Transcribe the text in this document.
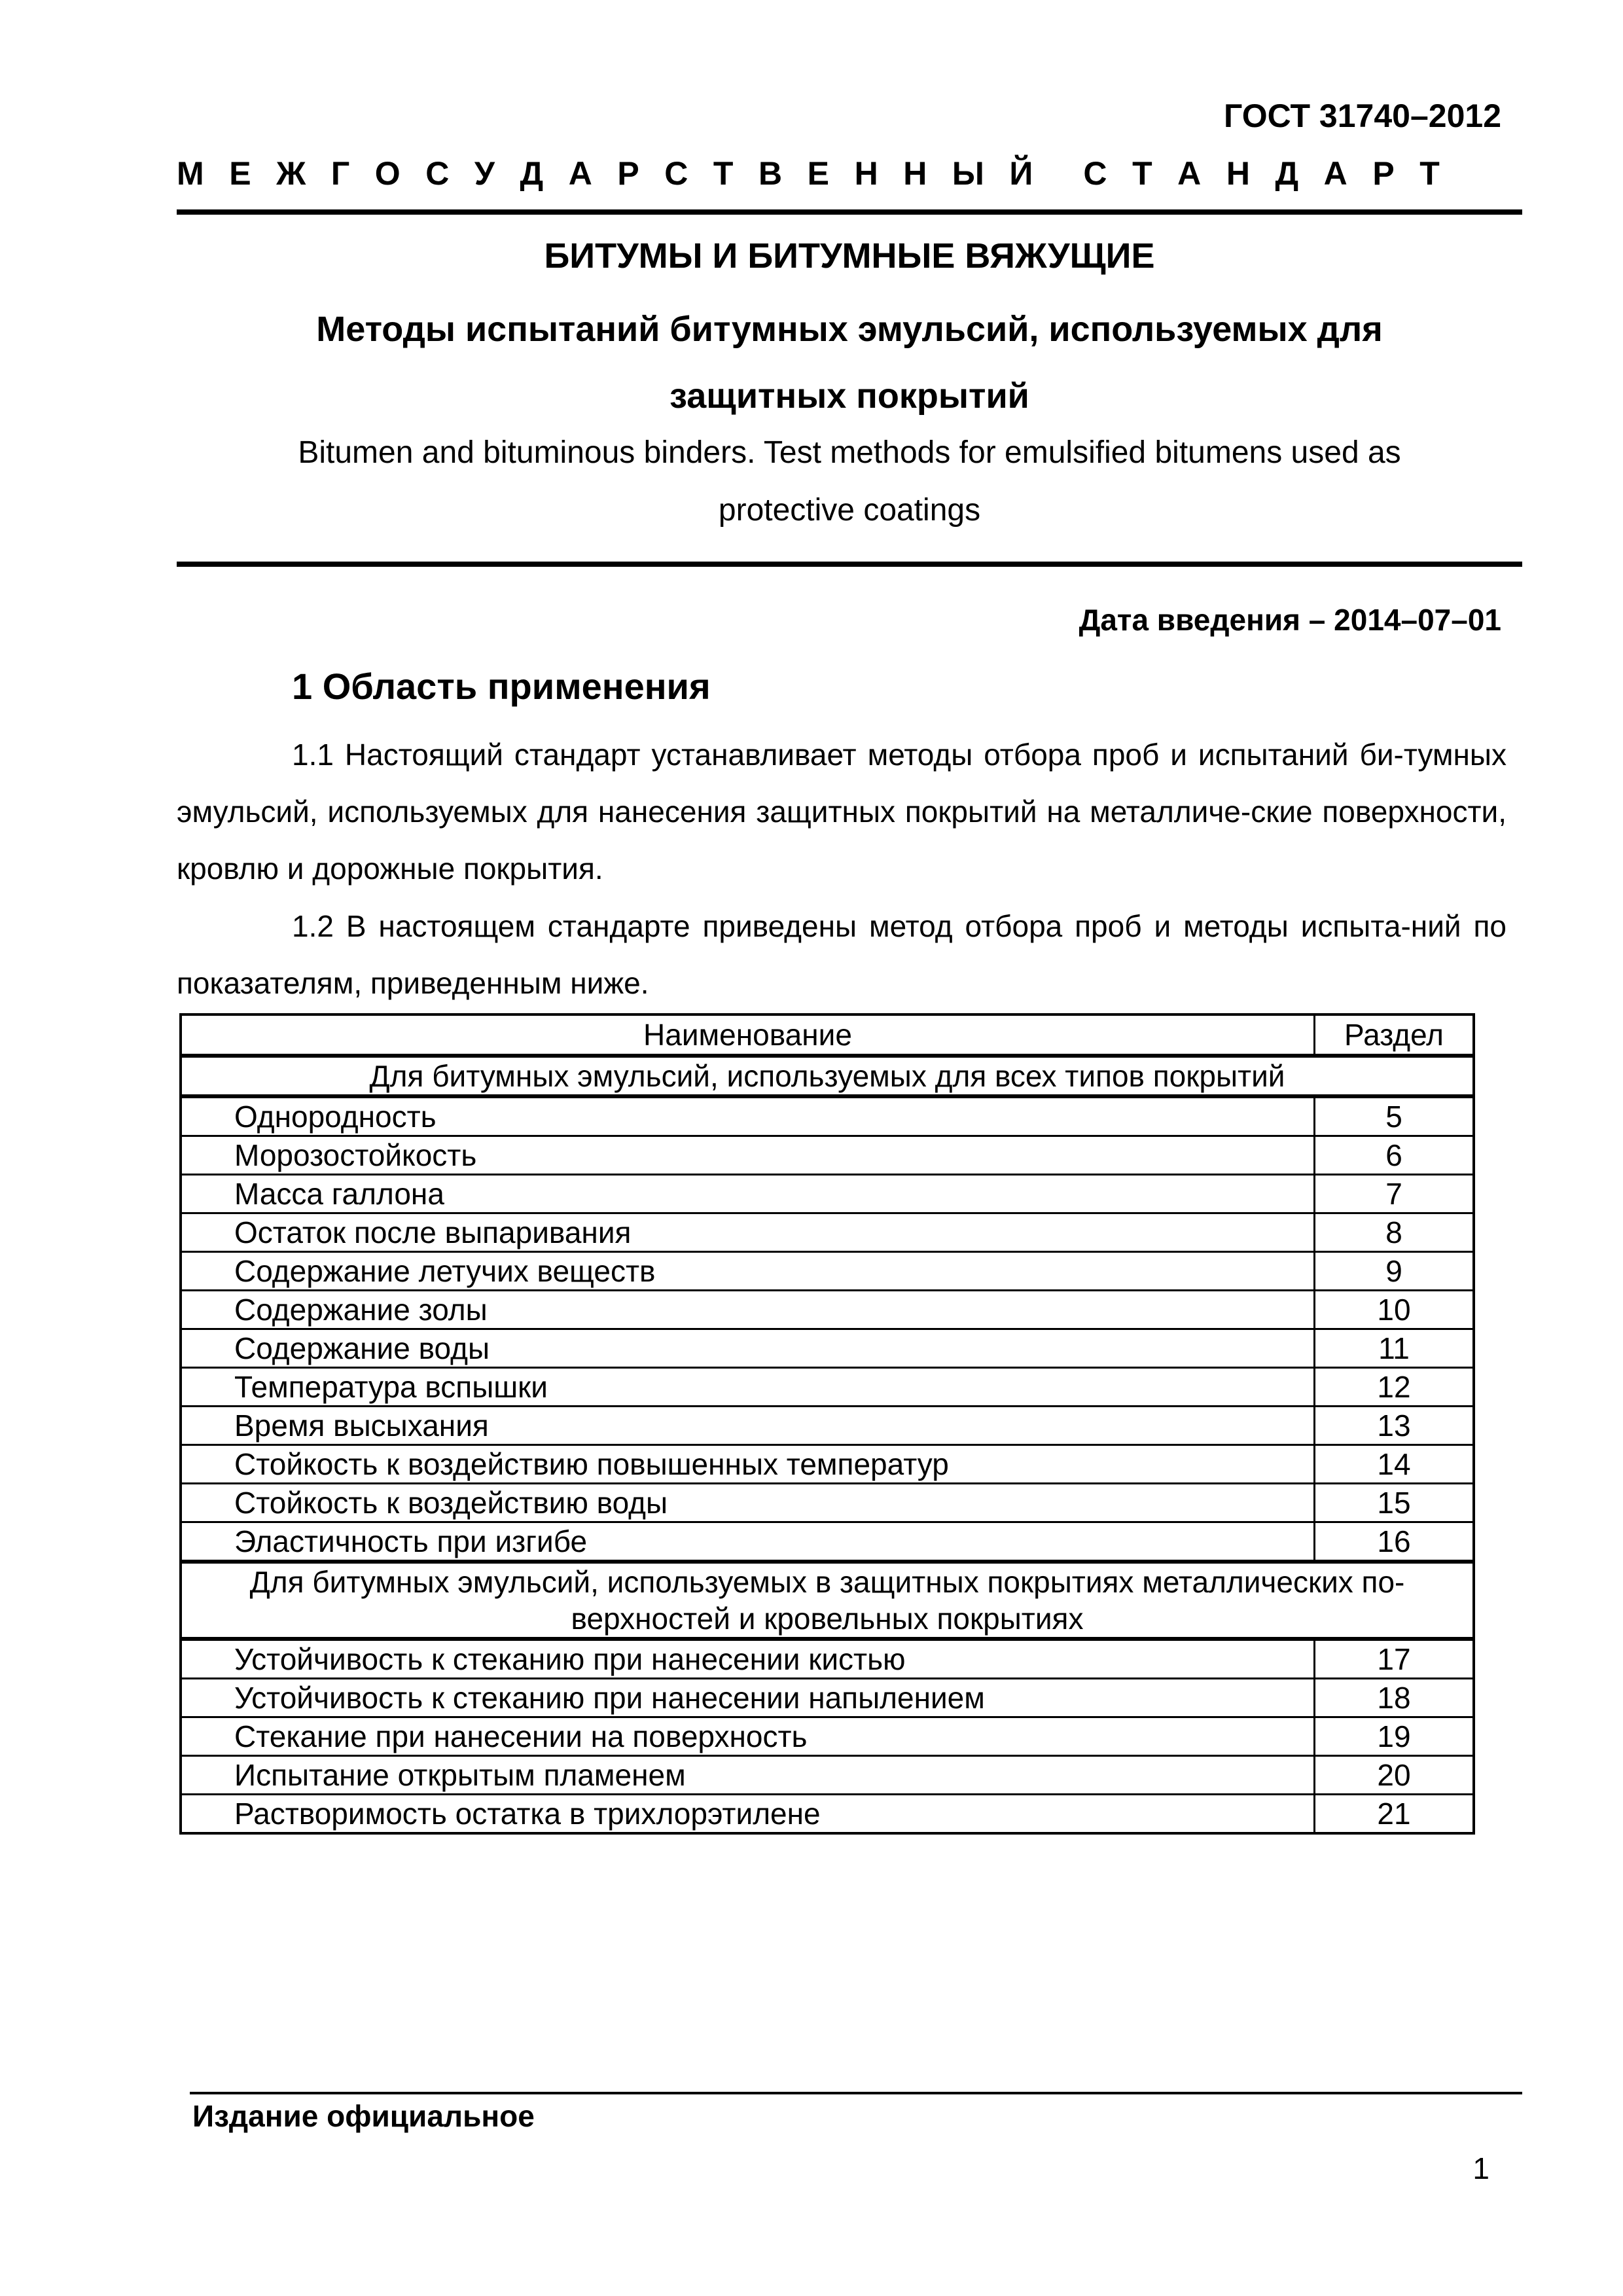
ГОСТ 31740–2012
М Е Ж Г О С У Д А Р С Т В Е Н Н Ы Й С Т А Н Д А Р Т
БИТУМЫ И БИТУМНЫЕ ВЯЖУЩИЕ
Методы испытаний битумных эмульсий, используемых для
защитных покрытий
Bitumen and bituminous binders. Test methods for emulsified bitumens used as
protective coatings
Дата введения – 2014–07–01
1 Область применения
1.1 Настоящий стандарт устанавливает методы отбора проб и испытаний би-тумных эмульсий, используемых для нанесения защитных покрытий на металличе-ские поверхности, кровлю и дорожные покрытия.
1.2 В настоящем стандарте приведены метод отбора проб и методы испыта-ний по показателям, приведенным ниже.
Наименование	Раздел
Для битумных эмульсий, используемых для всех типов покрытий	
Однородность	5
Морозостойкость	6
Масса галлона	7
Остаток после выпаривания	8
Содержание летучих веществ	9
Содержание золы	10
Содержание воды	11
Температура вспышки	12
Время высыхания	13
Стойкость к воздействию повышенных температур	14
Стойкость к воздействию воды	15
Эластичность при изгибе	16

Для битумных эмульсий, используемых в защитных покрытиях металлических по-
верхностей и кровельных покрытиях	

Устойчивость к стеканию при нанесении кистью	17
Устойчивость к стеканию при нанесении напылением	18
Стекание при нанесении на поверхность	19
Испытание открытым пламенем	20
Растворимость остатка в трихлорэтилене	21
Издание официальное
1
